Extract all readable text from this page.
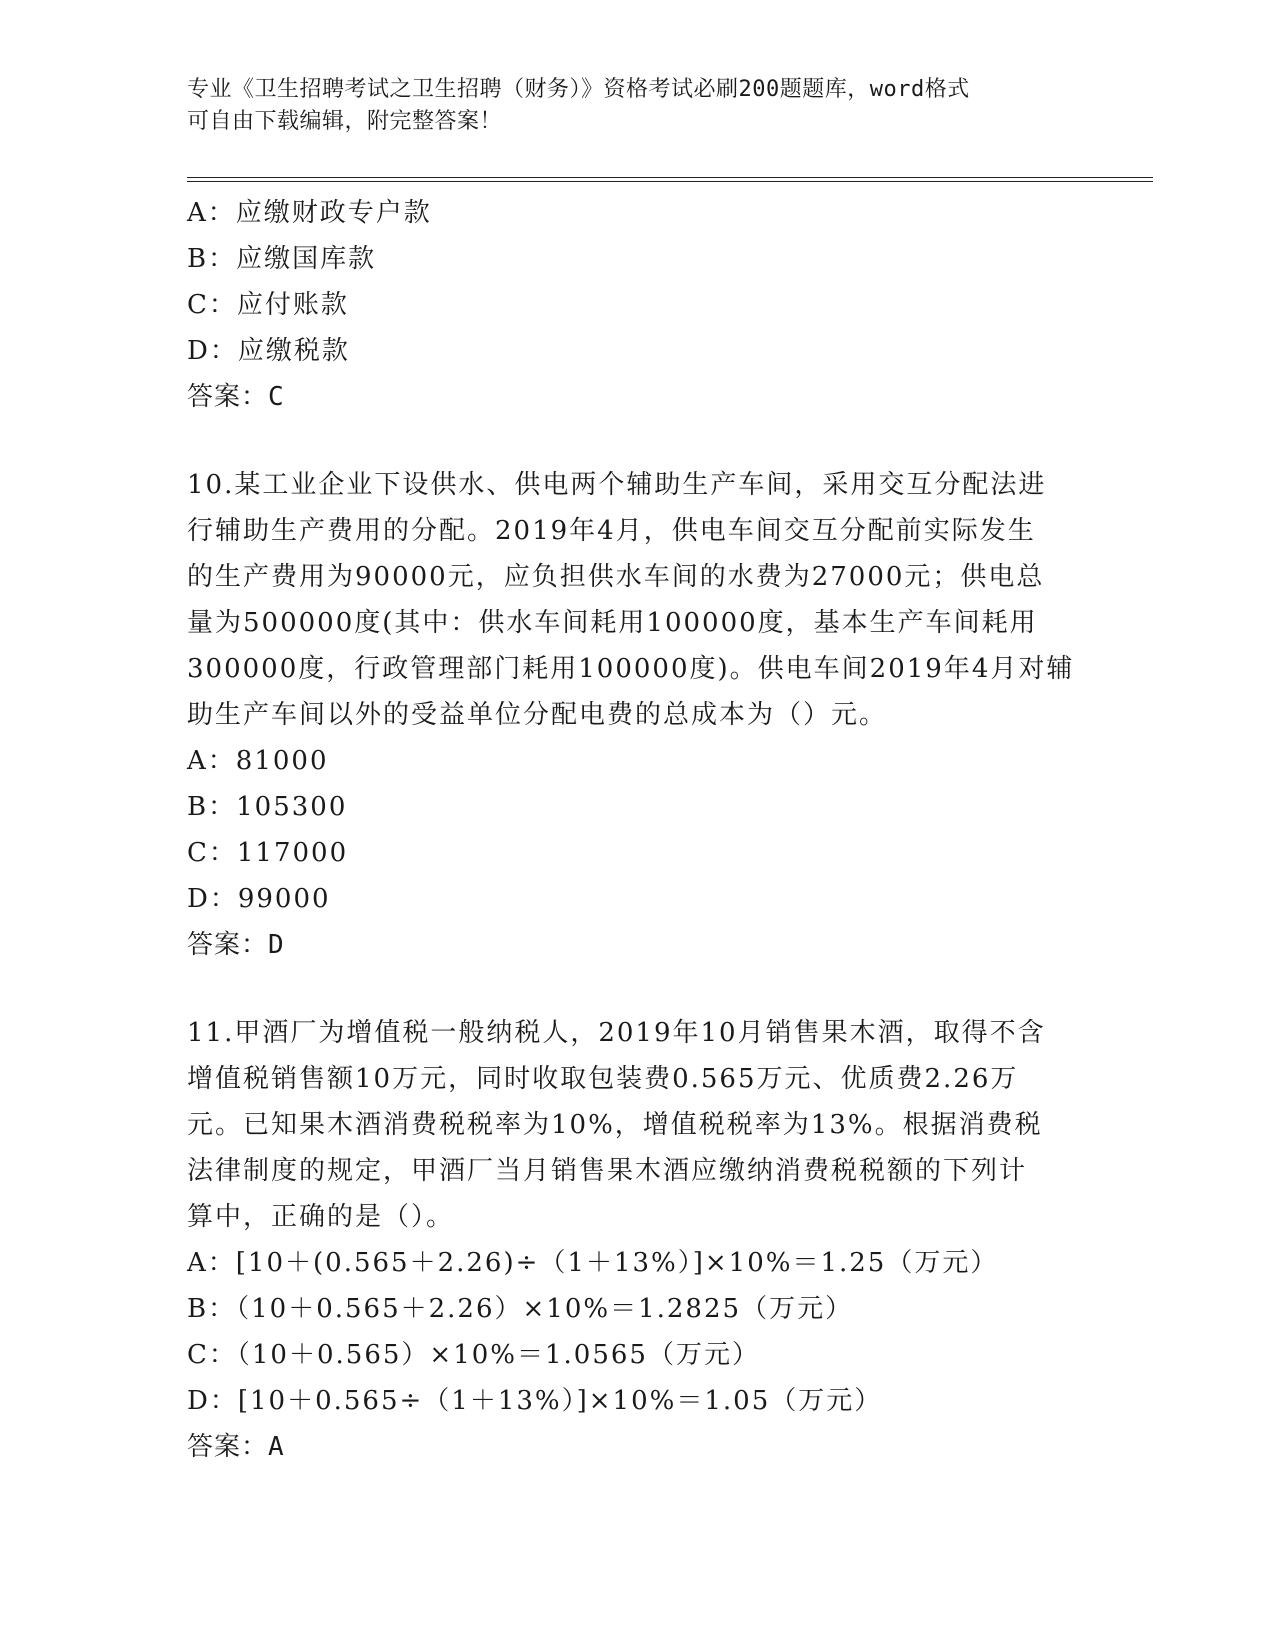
专业《卫生招聘考试之卫生招聘（财务）》资格考试必刷200题题库，word格式
可自由下载编辑，附完整答案！
A：应缴财政专户款
B：应缴国库款
C：应付账款
D：应缴税款
答案：C
10.某工业企业下设供水、供电两个辅助生产车间，采用交互分配法进
行辅助生产费用的分配。2019年4月，供电车间交互分配前实际发生
的生产费用为90000元，应负担供水车间的水费为27000元；供电总
量为500000度(其中：供水车间耗用100000度，基本生产车间耗用
300000度，行政管理部门耗用100000度)。供电车间2019年4月对辅
助生产车间以外的受益单位分配电费的总成本为（）元。
A：81000
B：105300
C：117000
D：99000
答案：D
11.甲酒厂为增值税一般纳税人，2019年10月销售果木酒，取得不含
增值税销售额10万元，同时收取包装费0.565万元、优质费2.26万
元。已知果木酒消费税税率为10%，增值税税率为13%。根据消费税
法律制度的规定，甲酒厂当月销售果木酒应缴纳消费税税额的下列计
算中，正确的是（）。
A：[10＋(0.565＋2.26)÷（1＋13%）]×10%＝1.25（万元）
B：（10＋0.565＋2.26）×10%＝1.2825（万元）
C：（10＋0.565）×10%＝1.0565（万元）
D：[10＋0.565÷（1＋13%）]×10%＝1.05（万元）
答案：A
